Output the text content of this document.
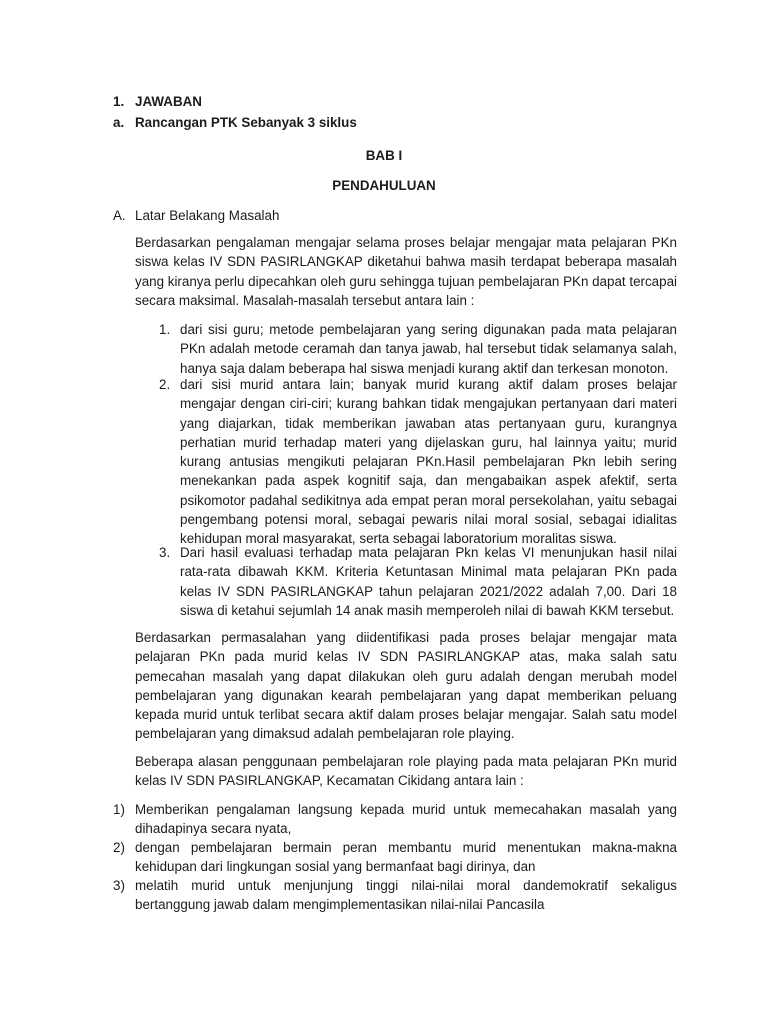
1. JAWABAN
a. Rancangan PTK Sebanyak 3 siklus
BAB I
PENDAHULUAN
A. Latar Belakang Masalah
Berdasarkan pengalaman mengajar selama proses belajar mengajar mata pelajaran PKn siswa kelas IV SDN PASIRLANGKAP diketahui bahwa masih terdapat beberapa masalah yang kiranya perlu dipecahkan oleh guru sehingga tujuan pembelajaran PKn dapat tercapai secara maksimal. Masalah-masalah tersebut antara lain :
1. dari sisi guru; metode pembelajaran yang sering digunakan pada mata pelajaran PKn adalah metode ceramah dan tanya jawab, hal tersebut tidak selamanya salah, hanya saja dalam beberapa hal siswa menjadi kurang aktif dan terkesan monoton.
2. dari sisi murid antara lain; banyak murid kurang aktif dalam proses belajar mengajar dengan ciri-ciri; kurang bahkan tidak mengajukan pertanyaan dari materi yang diajarkan, tidak memberikan jawaban atas pertanyaan guru, kurangnya perhatian murid terhadap materi yang dijelaskan guru, hal lainnya yaitu; murid kurang antusias mengikuti pelajaran PKn.Hasil pembelajaran Pkn lebih sering menekankan pada aspek kognitif saja, dan mengabaikan aspek afektif, serta psikomotor padahal sedikitnya ada empat peran moral persekolahan, yaitu sebagai pengembang potensi moral, sebagai pewaris nilai moral sosial, sebagai idialitas kehidupan moral masyarakat, serta sebagai laboratorium moralitas siswa.
3. Dari hasil evaluasi terhadap mata pelajaran Pkn kelas VI menunjukan hasil nilai rata-rata dibawah KKM. Kriteria Ketuntasan Minimal mata pelajaran PKn pada kelas IV SDN PASIRLANGKAP tahun pelajaran 2021/2022 adalah 7,00. Dari 18 siswa di ketahui sejumlah 14 anak masih memperoleh nilai di bawah KKM tersebut.
Berdasarkan permasalahan yang diidentifikasi pada proses belajar mengajar mata pelajaran PKn pada murid kelas IV SDN PASIRLANGKAP atas, maka salah satu pemecahan masalah yang dapat dilakukan oleh guru adalah dengan merubah model pembelajaran yang digunakan kearah pembelajaran yang dapat memberikan peluang kepada murid untuk terlibat secara aktif dalam proses belajar mengajar. Salah satu model pembelajaran yang dimaksud adalah pembelajaran role playing.
Beberapa alasan penggunaan pembelajaran role playing pada mata pelajaran PKn murid kelas IV SDN PASIRLANGKAP, Kecamatan Cikidang antara lain :
1) Memberikan pengalaman langsung kepada murid untuk memecahakan masalah yang dihadapinya secara nyata,
2) dengan pembelajaran bermain peran membantu murid menentukan makna-makna kehidupan dari lingkungan sosial yang bermanfaat bagi dirinya, dan
3) melatih murid untuk menjunjung tinggi nilai-nilai moral dandemokratif sekaligus bertanggung jawab dalam mengimplementasikan nilai-nilai Pancasila
